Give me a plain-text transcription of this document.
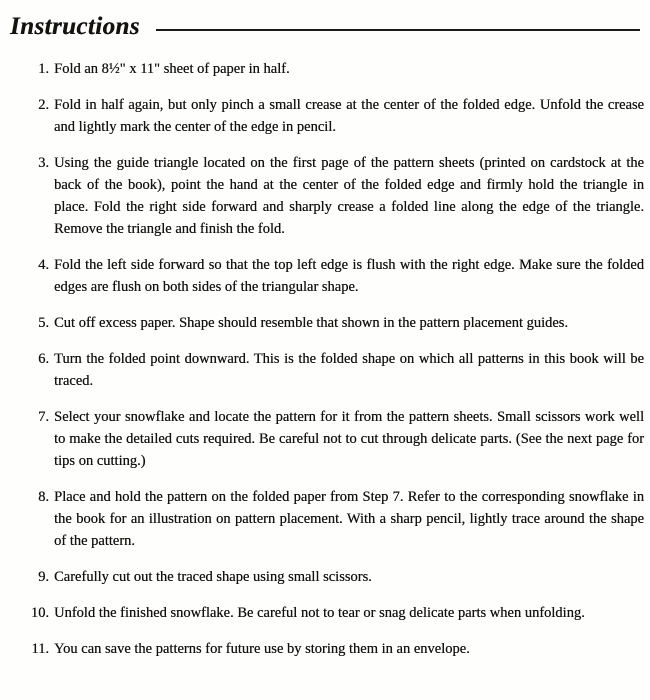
Instructions
1. Fold an 8½" x 11" sheet of paper in half.
2. Fold in half again, but only pinch a small crease at the center of the folded edge. Unfold the crease and lightly mark the center of the edge in pencil.
3. Using the guide triangle located on the first page of the pattern sheets (printed on cardstock at the back of the book), point the hand at the center of the folded edge and firmly hold the triangle in place. Fold the right side forward and sharply crease a folded line along the edge of the triangle. Remove the triangle and finish the fold.
4. Fold the left side forward so that the top left edge is flush with the right edge. Make sure the folded edges are flush on both sides of the triangular shape.
5. Cut off excess paper. Shape should resemble that shown in the pattern placement guides.
6. Turn the folded point downward. This is the folded shape on which all patterns in this book will be traced.
7. Select your snowflake and locate the pattern for it from the pattern sheets. Small scissors work well to make the detailed cuts required. Be careful not to cut through delicate parts. (See the next page for tips on cutting.)
8. Place and hold the pattern on the folded paper from Step 7. Refer to the corresponding snowflake in the book for an illustration on pattern placement. With a sharp pencil, lightly trace around the shape of the pattern.
9. Carefully cut out the traced shape using small scissors.
10. Unfold the finished snowflake. Be careful not to tear or snag delicate parts when unfolding.
11. You can save the patterns for future use by storing them in an envelope.
